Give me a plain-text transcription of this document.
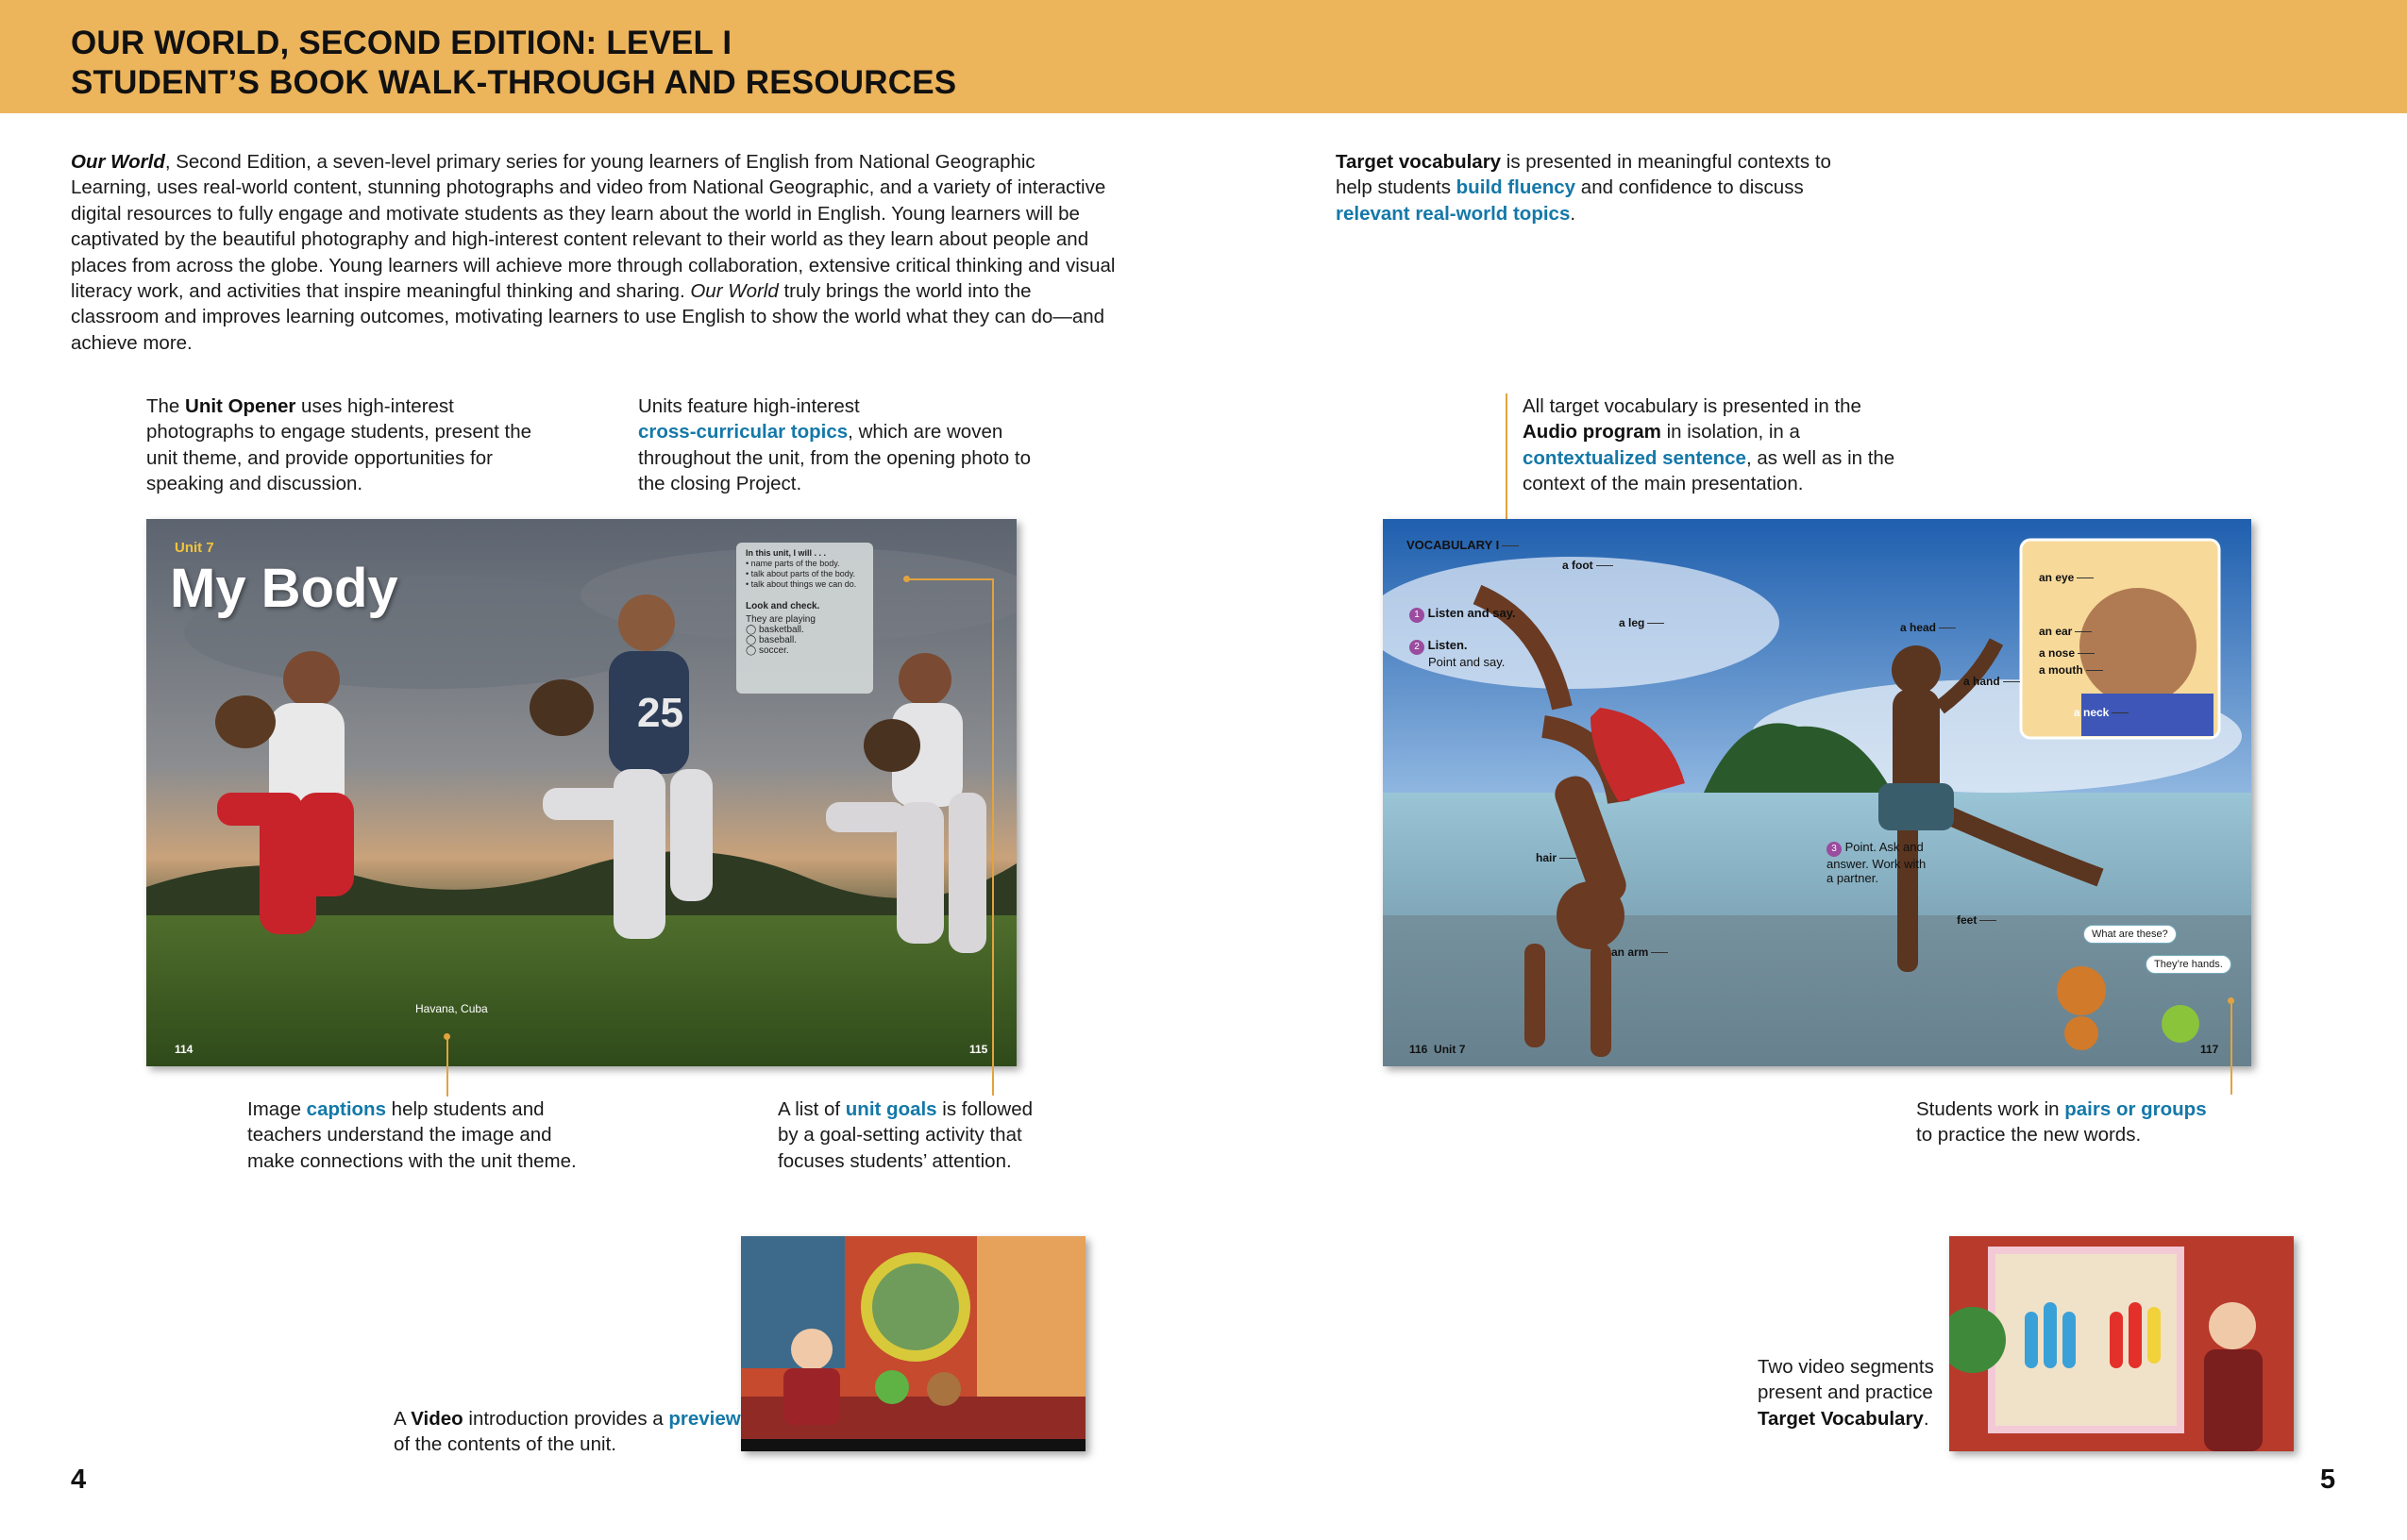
OUR WORLD, SECOND EDITION: LEVEL I
STUDENT’S BOOK WALK-THROUGH AND RESOURCES
Our World, Second Edition, a seven-level primary series for young learners of English from National Geographic Learning, uses real-world content, stunning photographs and video from National Geographic, and a variety of interactive digital resources to fully engage and motivate students as they learn about the world in English. Young learners will be captivated by the beautiful photography and high-interest content relevant to their world as they learn about people and places from across the globe. Young learners will achieve more through collaboration, extensive critical thinking and visual literacy work, and activities that inspire meaningful thinking and sharing. Our World truly brings the world into the classroom and improves learning outcomes, motivating learners to use English to show the world what they can do—and achieve more.
The Unit Opener uses high-interest photographs to engage students, present the unit theme, and provide opportunities for speaking and discussion.
Units feature high-interest
cross-curricular topics, which are woven throughout the unit, from the opening photo to the closing Project.
25
Unit 7
My Body
In this unit, I will . . .
• name parts of the body.
• talk about parts of the body.
• talk about things we can do.
Look and check.
They are playing
◯ basketball.
◯ baseball.
◯ soccer.
Havana, Cuba
114	115
Image captions help students and teachers understand the image and make connections with the unit theme.
A list of unit goals is followed by a goal-setting activity that focuses students’ attention.
A Video introduction provides a preview of the contents of the unit.
4
Target vocabulary is presented in meaningful contexts to help students build fluency and confidence to discuss relevant real-world topics.
All target vocabulary is presented in the Audio program in isolation, in a contextualized sentence, as well as in the context of the main presentation.
VOCABULARY I
1 Listen and say.
2 Listen.
Point and say.
a foot
a leg	a head
a hand
hair
feet
an arm
an eye
an ear
a nose
a mouth
a neck
3 Point. Ask and answer. Work with a partner.
What are these?
They’re hands.
116 Unit 7	117
Students work in pairs or groups
to practice the new words.
Two video segments present and practice Target Vocabulary.
5
